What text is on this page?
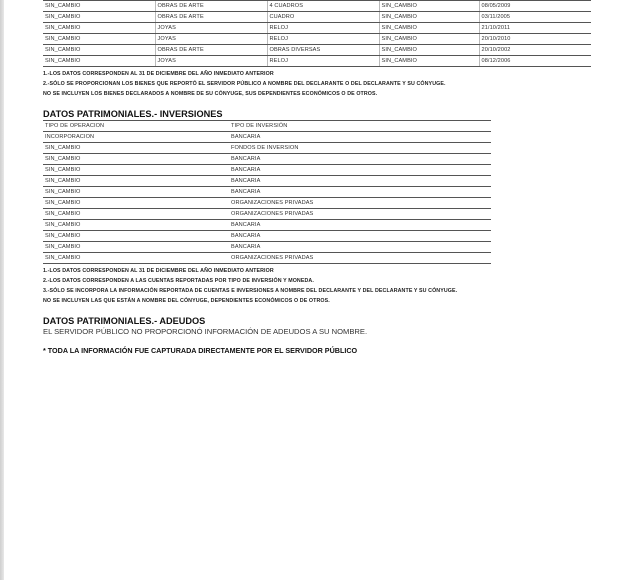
SIN_CAMBIO	OBRAS DE ARTE	4 CUADROS	SIN_CAMBIO	08/05/2009
SIN_CAMBIO	OBRAS DE ARTE	CUADRO	SIN_CAMBIO	03/11/2005
SIN_CAMBIO	JOYAS	RELOJ	SIN_CAMBIO	21/10/2011
SIN_CAMBIO	JOYAS	RELOJ	SIN_CAMBIO	20/10/2010
SIN_CAMBIO	OBRAS DE ARTE	OBRAS DIVERSAS	SIN_CAMBIO	20/10/2002
SIN_CAMBIO	JOYAS	RELOJ	SIN_CAMBIO	08/12/2006
1.-LOS DATOS CORRESPONDEN AL 31 DE DICIEMBRE DEL AÑO INMEDIATO ANTERIOR
2.-SÓLO SE PROPORCIONAN LOS BIENES QUE REPORTÓ EL SERVIDOR PÚBLICO A NOMBRE DEL DECLARANTE O DEL DECLARANTE Y SU CÓNYUGE.
NO SE INCLUYEN LOS BIENES DECLARADOS A NOMBRE DE SU CÓNYUGE, SUS DEPENDIENTES ECONÓMICOS O DE OTROS.
DATOS PATRIMONIALES.- INVERSIONES
TIPO DE OPERACION	TIPO DE INVERSIÓN
INCORPORACION	BANCARIA
SIN_CAMBIO	FONDOS DE INVERSION
SIN_CAMBIO	BANCARIA
SIN_CAMBIO	BANCARIA
SIN_CAMBIO	BANCARIA
SIN_CAMBIO	BANCARIA
SIN_CAMBIO	ORGANIZACIONES PRIVADAS
SIN_CAMBIO	ORGANIZACIONES PRIVADAS
SIN_CAMBIO	BANCARIA
SIN_CAMBIO	BANCARIA
SIN_CAMBIO	BANCARIA
SIN_CAMBIO	ORGANIZACIONES PRIVADAS
1.-LOS DATOS CORRESPONDEN AL 31 DE DICIEMBRE DEL AÑO INMEDIATO ANTERIOR
2.-LOS DATOS CORRESPONDEN A LAS CUENTAS REPORTADAS POR TIPO DE INVERSIÓN Y MONEDA.
3.-SÓLO SE INCORPORA LA INFORMACIÓN REPORTADA DE CUENTAS E INVERSIONES A NOMBRE DEL DECLARANTE Y DEL DECLARANTE Y SU CÓNYUGE.
NO SE INCLUYEN LAS QUE ESTÁN A NOMBRE DEL CÓNYUGE, DEPENDIENTES ECONÓMICOS O DE OTROS.
DATOS PATRIMONIALES.- ADEUDOS
EL SERVIDOR PÚBLICO NO PROPORCIONÓ INFORMACIÓN DE ADEUDOS A SU NOMBRE.
* TODA LA INFORMACIÓN FUE CAPTURADA DIRECTAMENTE POR EL SERVIDOR PÚBLICO
